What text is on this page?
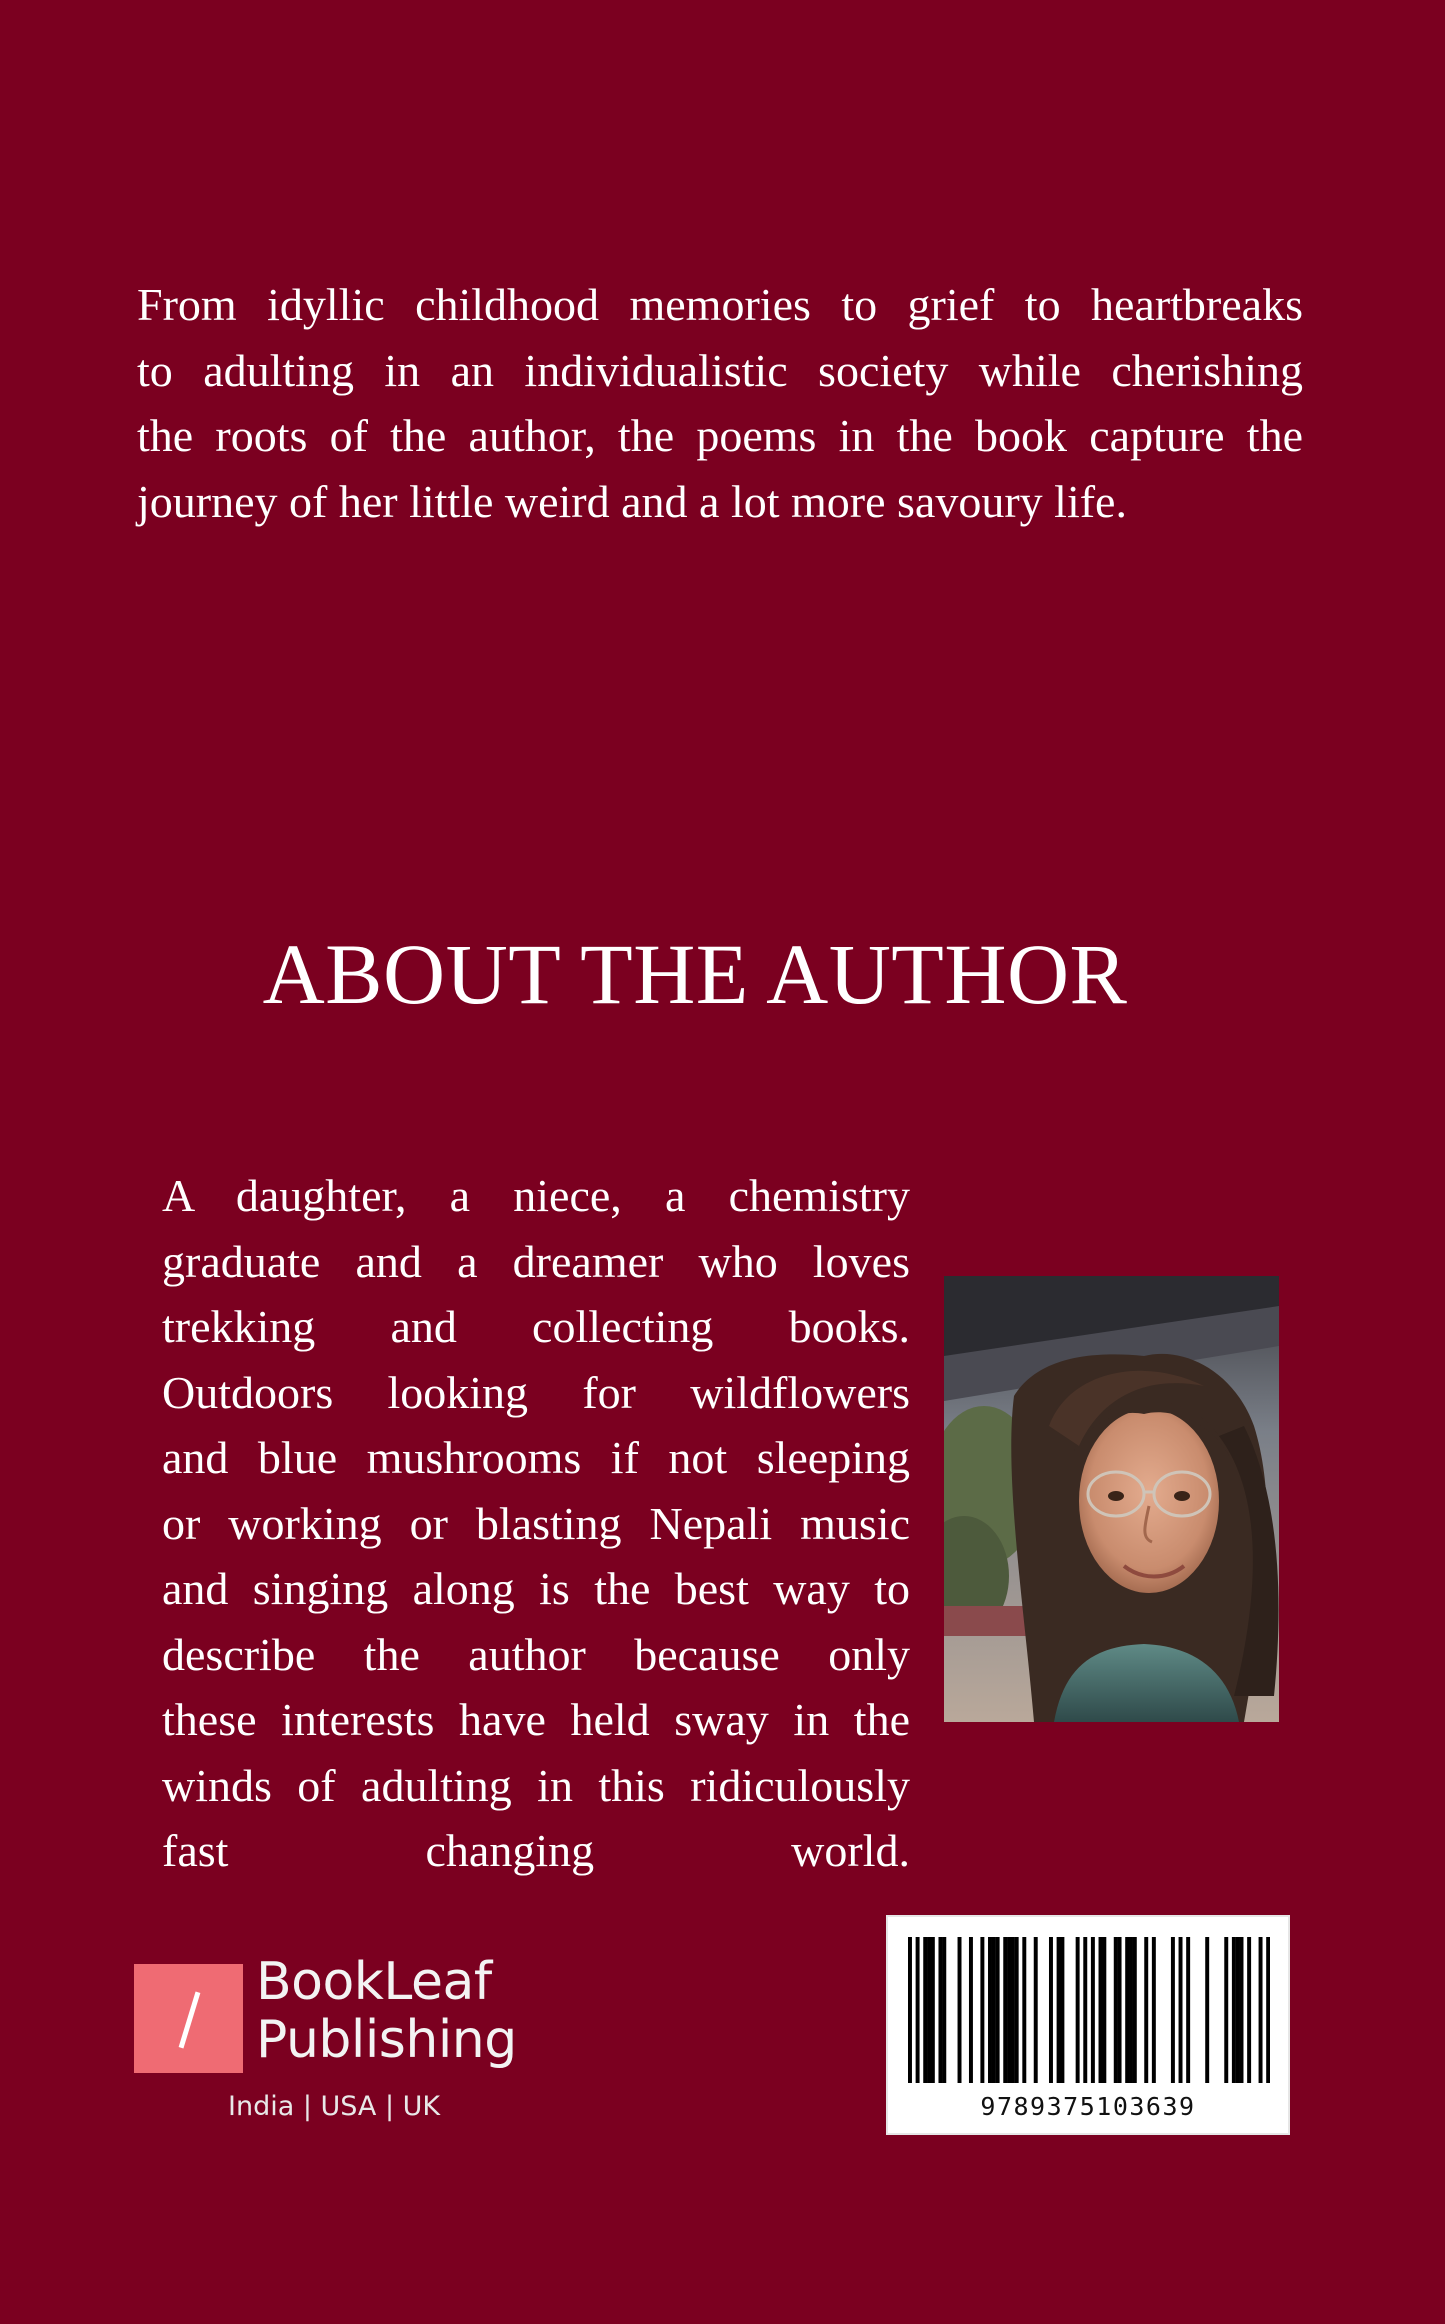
From idyllic childhood memories to grief to heartbreaks
to adulting in an individualistic society while cherishing
the roots of the author, the poems in the book capture the
journey of her little weird and a lot more savoury life.
ABOUT THE AUTHOR
A daughter, a niece, a chemistry
graduate and a dreamer who loves
trekking and collecting books.
Outdoors looking for wildflowers
and blue mushrooms if not sleeping
or working or blasting Nepali music
and singing along is the best way to
describe the author because only
these interests have held sway in the
winds of adulting in this ridiculously
fast changing world.
BookLeaf
Publishing
India | USA | UK	9789375103639
